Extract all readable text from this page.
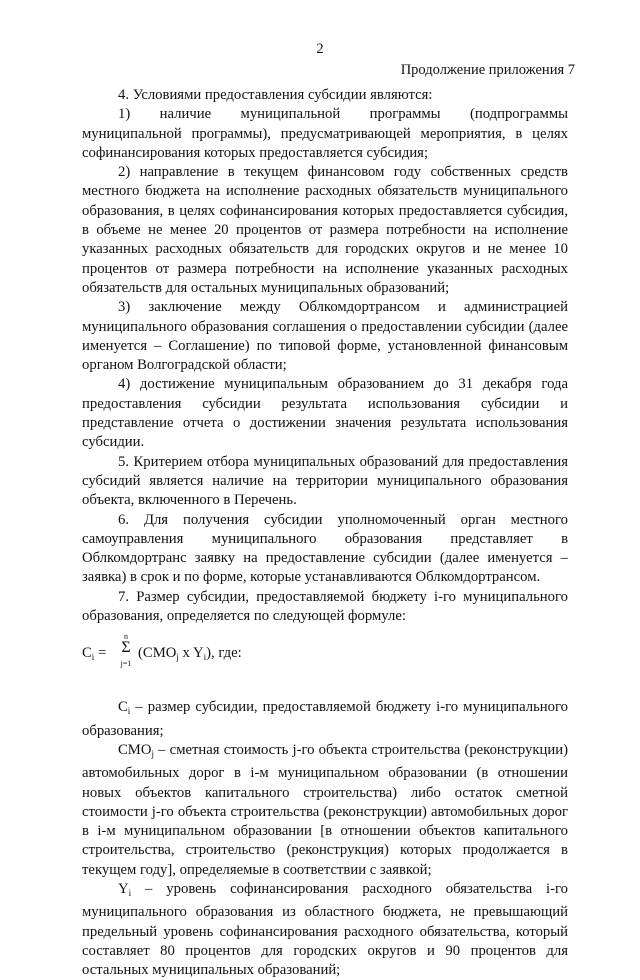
2
Продолжение приложения 7

4. Условиями предоставления субсидии являются:

1) наличие муниципальной программы (подпрограммы муниципальной программы), предусматривающей мероприятия, в целях софинансирования которых предоставляется субсидия;

2) направление в текущем финансовом году собственных средств местного бюджета на исполнение расходных обязательств муниципального образования, в целях софинансирования которых предоставляется субсидия, в объеме не менее 20 процентов от размера потребности на исполнение указанных расходных обязательств для городских округов и не менее 10 процентов от размера потребности на исполнение указанных расходных обязательств для остальных муниципальных образований;

3) заключение между Облкомдортрансом и администрацией муниципального образования соглашения о предоставлении субсидии (далее именуется – Соглашение) по типовой форме, установленной финансовым органом Волгоградской области;

4) достижение муниципальным образованием до 31 декабря года предоставления субсидии результата использования субсидии и представление отчета о достижении значения результата использования субсидии.

5. Критерием отбора муниципальных образований для предоставления субсидий является наличие на территории муниципального образования объекта, включенного в Перечень.

6. Для получения субсидии уполномоченный орган местного самоуправления муниципального образования представляет в Облкомдортранс заявку на предоставление субсидии (далее именуется – заявка) в срок и по форме, которые устанавливаются Облкомдортрансом.

7. Размер субсидии, предоставляемой бюджету i-го муниципального образования, определяется по следующей формуле:

$C_i$ =
n
Σ
j=1
($СМО_j$ x $Y_i$), где:

$C_i$ – размер субсидии, предоставляемой бюджету i-го муниципального образования;

$СМО_j$ – сметная стоимость j-го объекта строительства (реконструкции) автомобильных дорог в i-м муниципальном образовании (в отношении новых объектов капитального строительства) либо остаток сметной стоимости j-го объекта строительства (реконструкции) автомобильных дорог в i-м муниципальном образовании [в отношении объектов капитального строительства, строительство (реконструкция) которых продолжается в текущем году], определяемые в соответствии с заявкой;

$Y_i$ – уровень софинансирования расходного обязательства i-го муниципального образования из областного бюджета, не превышающий предельный уровень софинансирования расходного обязательства, который составляет 80 процентов для городских округов и 90 процентов для остальных муниципальных образований;
